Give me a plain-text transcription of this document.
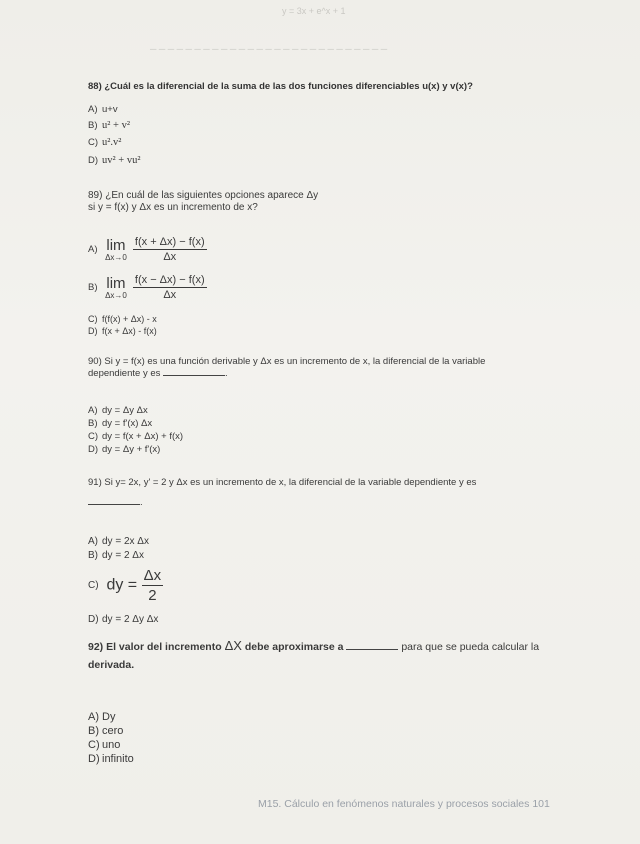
y = 3x + e^x + 1
─ ─ ─ ─ ─ ─ ─ ─ ─ ─ ─ ─ ─ ─ ─ ─ ─ ─ ─ ─ ─ ─ ─ ─ ─ ─ ─
88) ¿Cuál es la diferencial de la suma de las dos funciones diferenciables u(x) y v(x)?
A) u+v
B) u² + v²
C) u².v²
D) uv² + vu²
89) ¿En cuál de las siguientes opciones aparece Δy
si y = f(x) y Δx es un incremento de x?
A) lim
Δx→0
$\frac{f(x + \Delta x) - f(x)}{\Delta x}$
B) lim
Δx→0
$\frac{f(x - \Delta x) - f(x)}{\Delta x}$
C) f(f(x) + Δx) - x
D) f(x + Δx) - f(x)
90) Si y = f(x) es una función derivable y Δx es un incremento de x, la diferencial de la variable
dependiente y es	.
A) dy = Δy Δx
B) dy = f'(x) Δx
C) dy = f(x + Δx) + f(x)
D) dy = Δy + f'(x)
91) Si y= 2x, y' = 2 y Δx es un incremento de x, la diferencial de la variable dependiente y es
.
A) dy = 2x Δx
B) dy = 2 Δx
C) dy = $\frac{\Delta x}{2}$
D) dy = 2 Δy Δx
92) El valor del incremento ΔX debe aproximarse a	para que se pueda calcular la
derivada.
A) Dy
B) cero
C) uno
D) infinito
M15. Cálculo en fenómenos naturales y procesos sociales 101
